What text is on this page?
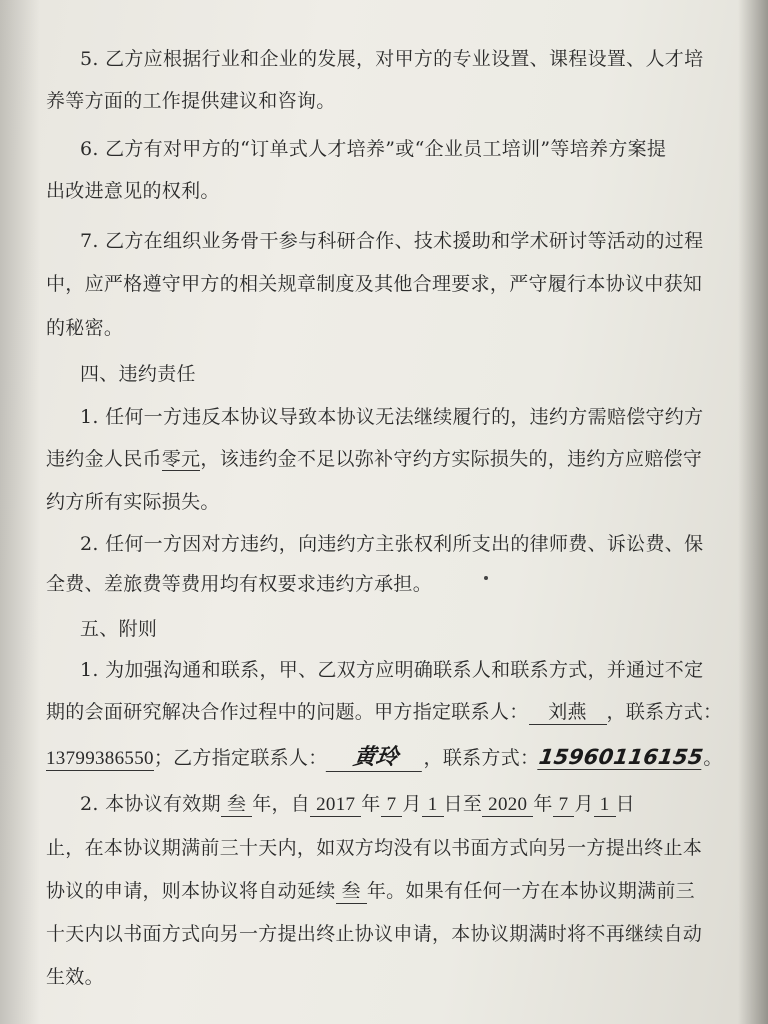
5. 乙方应根据行业和企业的发展，对甲方的专业设置、课程设置、人才培
养等方面的工作提供建议和咨询。
6. 乙方有对甲方的“订单式人才培养”或“企业员工培训”等培养方案提
出改进意见的权利。
7. 乙方在组织业务骨干参与科研合作、技术援助和学术研讨等活动的过程
中，应严格遵守甲方的相关规章制度及其他合理要求，严守履行本协议中获知
的秘密。
四、违约责任
1. 任何一方违反本协议导致本协议无法继续履行的，违约方需赔偿守约方
违约金人民币零元，该违约金不足以弥补守约方实际损失的，违约方应赔偿守
约方所有实际损失。
2. 任何一方因对方违约，向违约方主张权利所支出的律师费、诉讼费、保
全费、差旅费等费用均有权要求违约方承担。
五、附则
1. 为加强沟通和联系，甲、乙双方应明确联系人和联系方式，并通过不定
期的会面研究解决合作过程中的问题。甲方指定联系人： 刘燕 ，联系方式：
13799386550；乙方指定联系人： 黄玲 ，联系方式：15960116155。
2. 本协议有效期 叁 年，自 2017 年 7 月 1 日至 2020 年 7 月 1 日
止，在本协议期满前三十天内，如双方均没有以书面方式向另一方提出终止本
协议的申请，则本协议将自动延续 叁 年。如果有任何一方在本协议期满前三
十天内以书面方式向另一方提出终止协议申请，本协议期满时将不再继续自动
生效。
